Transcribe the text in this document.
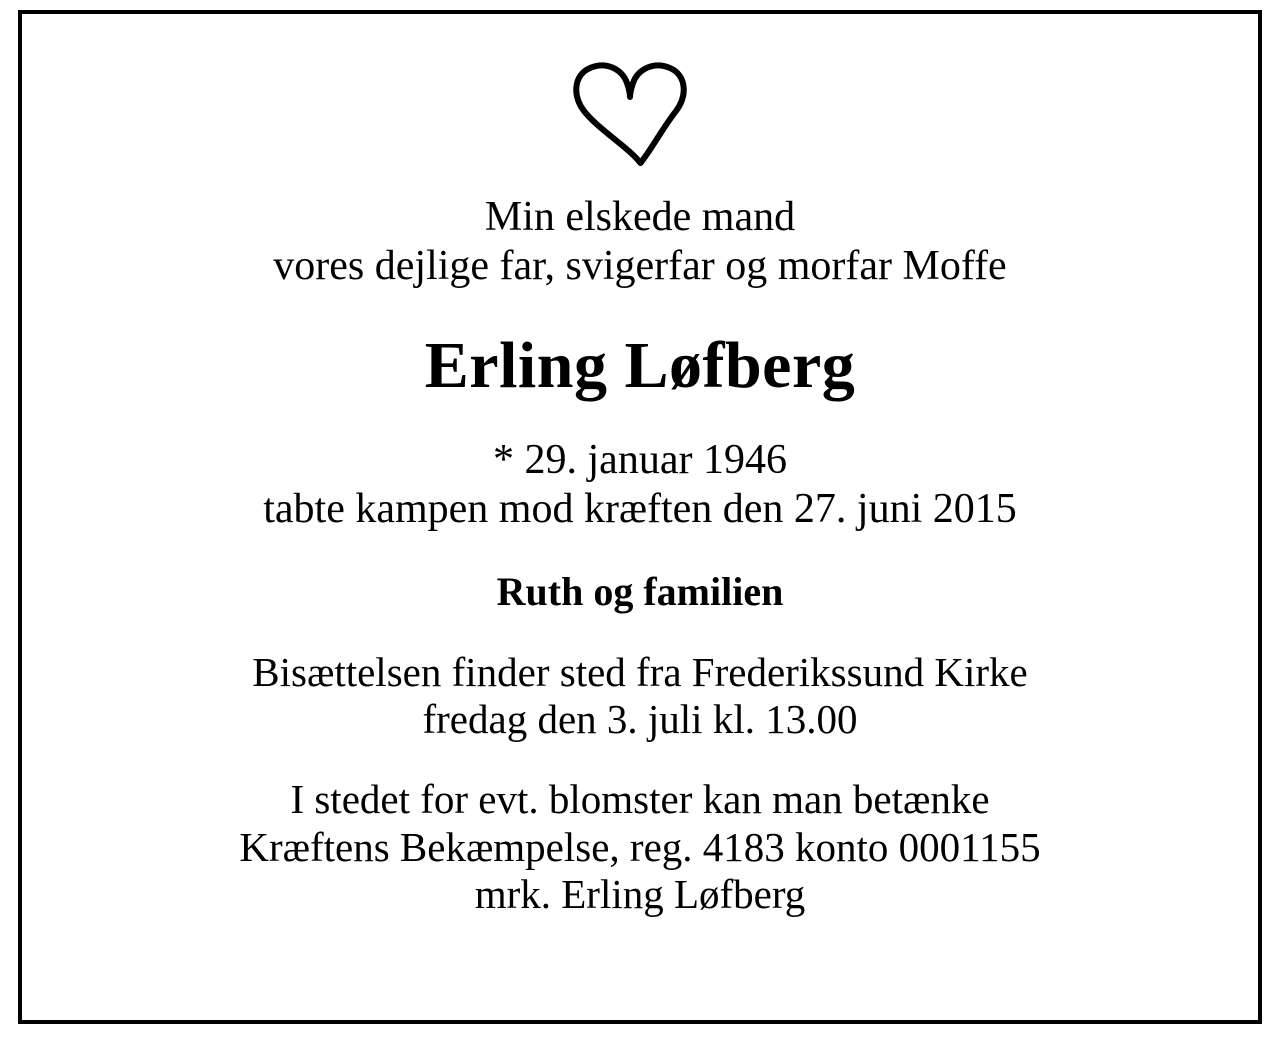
Min elskede mand
vores dejlige far, svigerfar og morfar Moffe
Erling Løfberg
* 29. januar 1946
tabte kampen mod kræften den 27. juni 2015
Ruth og familien
Bisættelsen finder sted fra Frederikssund Kirke
fredag den 3. juli kl. 13.00
I stedet for evt. blomster kan man betænke
Kræftens Bekæmpelse, reg. 4183 konto 0001155
mrk. Erling Løfberg
